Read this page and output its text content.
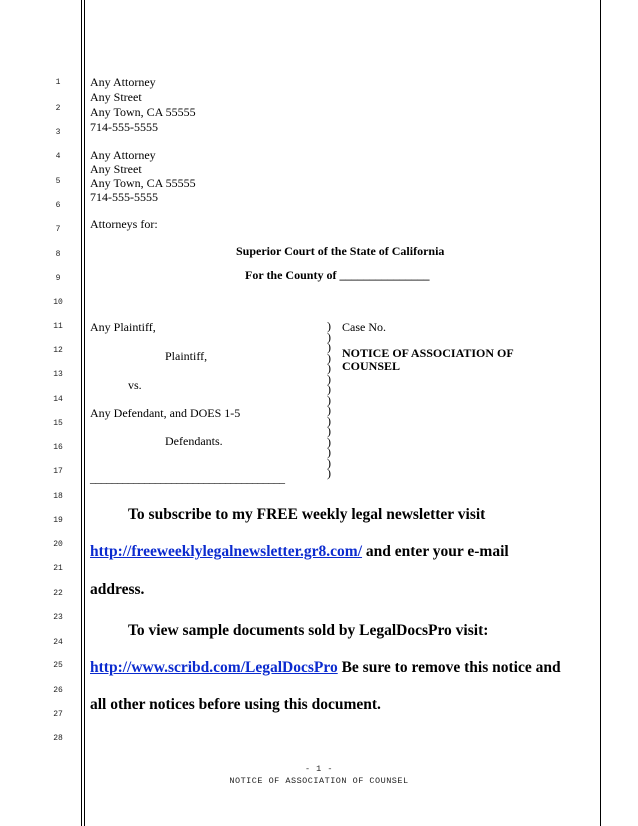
1
2
3
4
5
6
7
8
9
10
11
12
13
14
15
16
17
18
19
20
21
22
23
24
25
26
27
28
Any Attorney
Any Street
Any Town, CA 55555
714-555-5555
Any Attorney
Any Street
Any Town, CA 55555
714-555-5555
Attorneys for:
Superior Court of the State of California
For the County of _______________
Any Plaintiff,
Plaintiff,
vs.
Any Defendant, and DOES 1-5
Defendants.
____________________________________
)
)
)
)
)
)
)
)
)
)
)
)
)
)
)
Case No.
NOTICE OF ASSOCIATION OF
COUNSEL
To subscribe to my FREE weekly legal newsletter visit
http://freeweeklylegalnewsletter.gr8.com/ and enter your e-mail
address.
To view sample documents sold by LegalDocsPro visit:
http://www.scribd.com/LegalDocsPro Be sure to remove this notice and
all other notices before using this document.
- 1 -
NOTICE OF ASSOCIATION OF COUNSEL
